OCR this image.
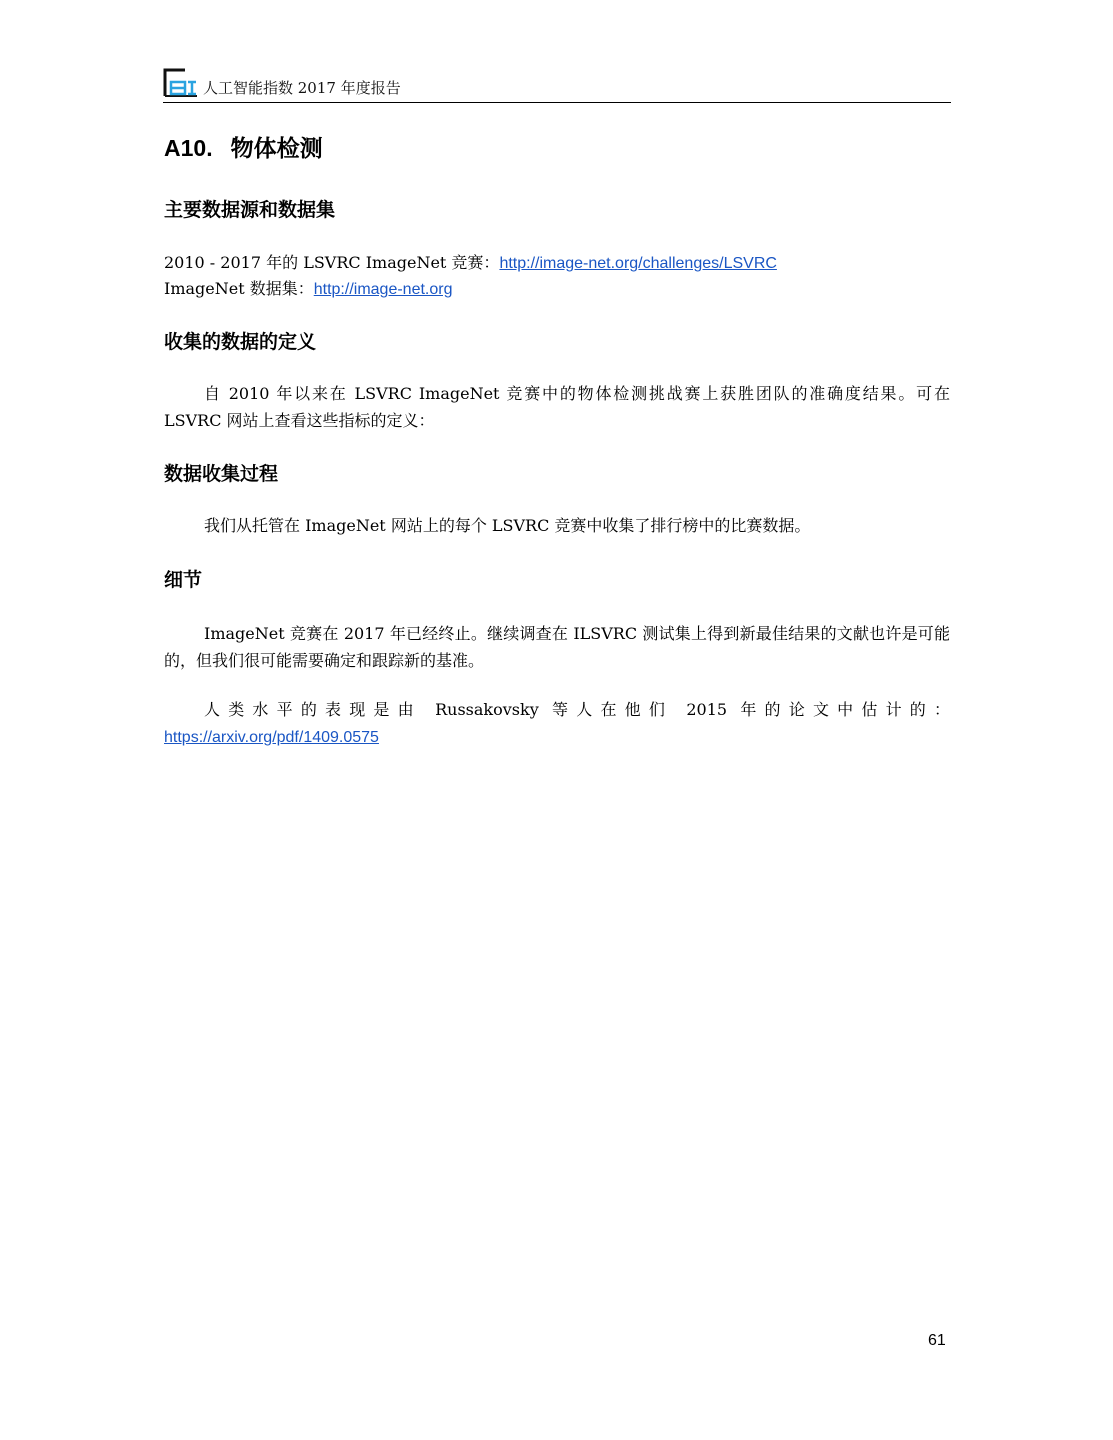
人工智能指数 2017 年度报告
A10. 物体检测
主要数据源和数据集
2010 - 2017 年的 LSVRC ImageNet 竞赛：http://image-net.org/challenges/LSVRC
ImageNet 数据集：http://image-net.org
收集的数据的定义
自 2010 年以来在 LSVRC ImageNet 竞赛中的物体检测挑战赛上获胜团队的准确度结果。可在 LSVRC 网站上查看这些指标的定义：
数据收集过程
我们从托管在 ImageNet 网站上的每个 LSVRC 竞赛中收集了排行榜中的比赛数据。
细节
ImageNet 竞赛在 2017 年已经终止。继续调查在 ILSVRC 测试集上得到新最佳结果的文献也许是可能的，但我们很可能需要确定和跟踪新的基准。
人类水平的表现是由 Russakovsky 等人在他们 2015 年的论文中估计的：https://arxiv.org/pdf/1409.0575
61
